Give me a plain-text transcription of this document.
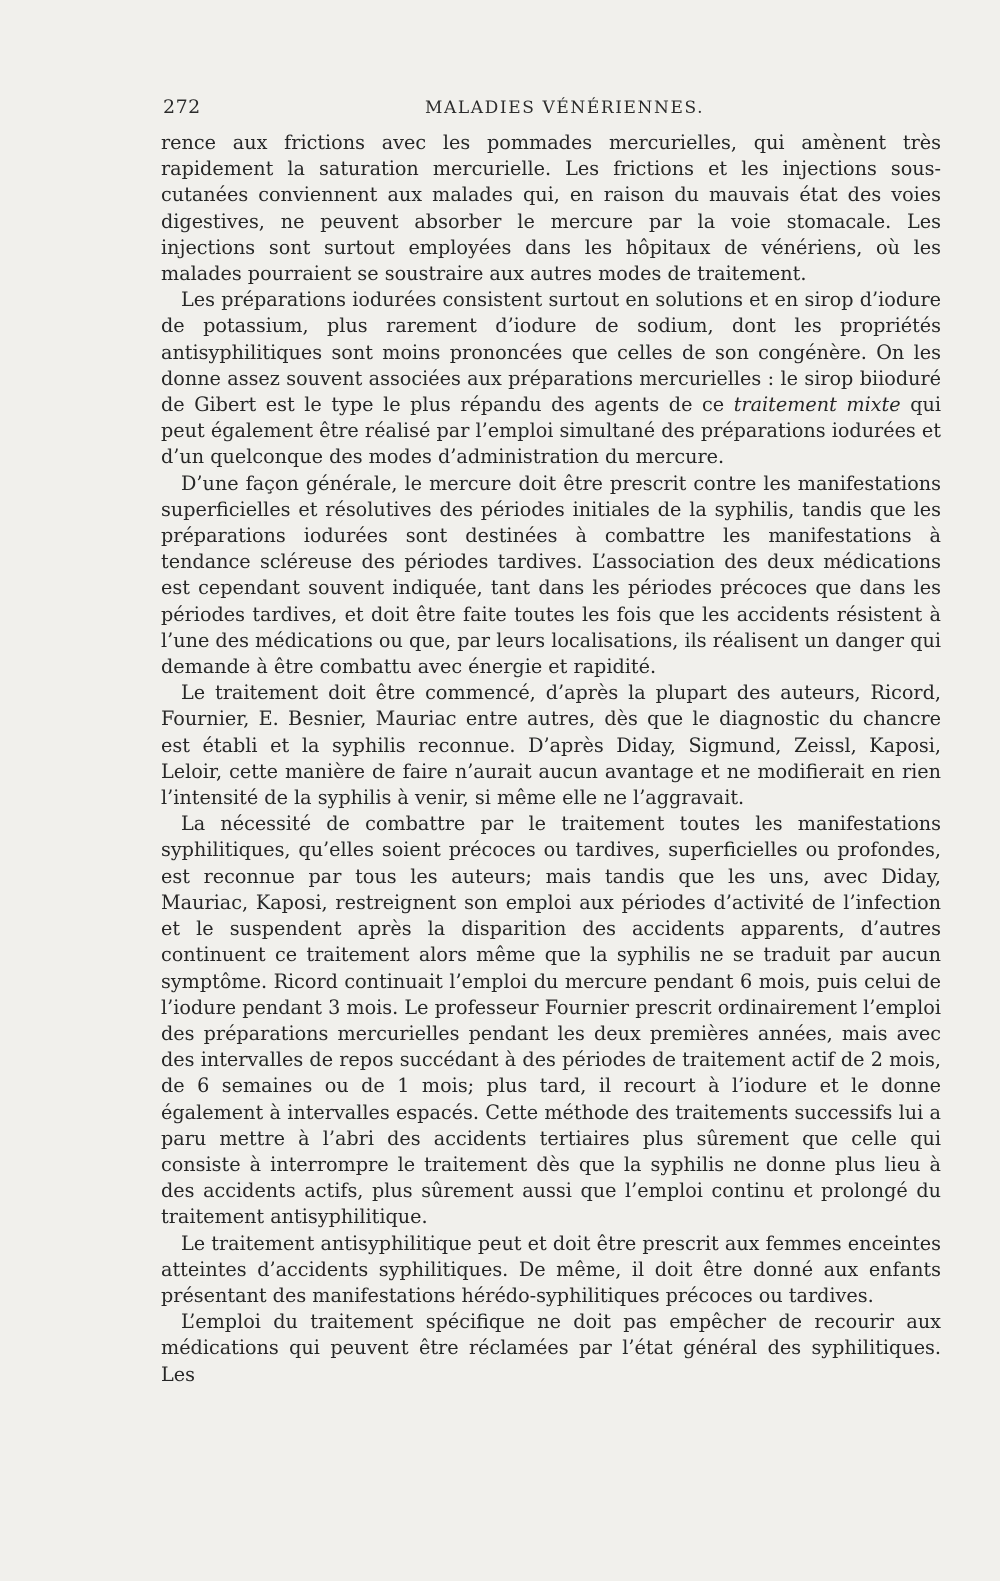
272	MALADIES VÉNÉRIENNES.

rence aux frictions avec les pommades mercurielles, qui amènent très rapidement la saturation mercurielle. Les frictions et les injections sous-cutanées conviennent aux malades qui, en raison du mauvais état des voies digestives, ne peuvent absorber le mercure par la voie stomacale. Les injections sont surtout employées dans les hôpitaux de vénériens, où les malades pourraient se soustraire aux autres modes de traitement.

Les préparations iodurées consistent surtout en solutions et en sirop d’iodure de potassium, plus rarement d’iodure de sodium, dont les propriétés antisyphilitiques sont moins prononcées que celles de son congénère. On les donne assez souvent associées aux préparations mercurielles : le sirop biioduré de Gibert est le type le plus répandu des agents de ce traitement mixte qui peut également être réalisé par l’emploi simultané des préparations iodurées et d’un quelconque des modes d’administration du mercure.

D’une façon générale, le mercure doit être prescrit contre les manifestations superficielles et résolutives des périodes initiales de la syphilis, tandis que les préparations iodurées sont destinées à combattre les manifestations à tendance scléreuse des périodes tardives. L’association des deux médications est cependant souvent indiquée, tant dans les périodes précoces que dans les périodes tardives, et doit être faite toutes les fois que les accidents résistent à l’une des médications ou que, par leurs localisations, ils réalisent un danger qui demande à être combattu avec énergie et rapidité.

Le traitement doit être commencé, d’après la plupart des auteurs, Ricord, Fournier, E. Besnier, Mauriac entre autres, dès que le diagnostic du chancre est établi et la syphilis reconnue. D’après Diday, Sigmund, Zeissl, Kaposi, Leloir, cette manière de faire n’aurait aucun avantage et ne modifierait en rien l’intensité de la syphilis à venir, si même elle ne l’aggravait.

La nécessité de combattre par le traitement toutes les manifestations syphilitiques, qu’elles soient précoces ou tardives, superficielles ou profondes, est reconnue par tous les auteurs; mais tandis que les uns, avec Diday, Mauriac, Kaposi, restreignent son emploi aux périodes d’activité de l’infection et le suspendent après la disparition des accidents apparents, d’autres continuent ce traitement alors même que la syphilis ne se traduit par aucun symptôme. Ricord continuait l’emploi du mercure pendant 6 mois, puis celui de l’iodure pendant 3 mois. Le professeur Fournier prescrit ordinairement l’emploi des préparations mercurielles pendant les deux premières années, mais avec des intervalles de repos succédant à des périodes de traitement actif de 2 mois, de 6 semaines ou de 1 mois; plus tard, il recourt à l’iodure et le donne également à intervalles espacés. Cette méthode des traitements successifs lui a paru mettre à l’abri des accidents tertiaires plus sûrement que celle qui consiste à interrompre le traitement dès que la syphilis ne donne plus lieu à des accidents actifs, plus sûrement aussi que l’emploi continu et prolongé du traitement antisyphilitique.

Le traitement antisyphilitique peut et doit être prescrit aux femmes enceintes atteintes d’accidents syphilitiques. De même, il doit être donné aux enfants présentant des manifestations hérédo-syphilitiques précoces ou tardives.

L’emploi du traitement spécifique ne doit pas empêcher de recourir aux médications qui peuvent être réclamées par l’état général des syphilitiques. Les
